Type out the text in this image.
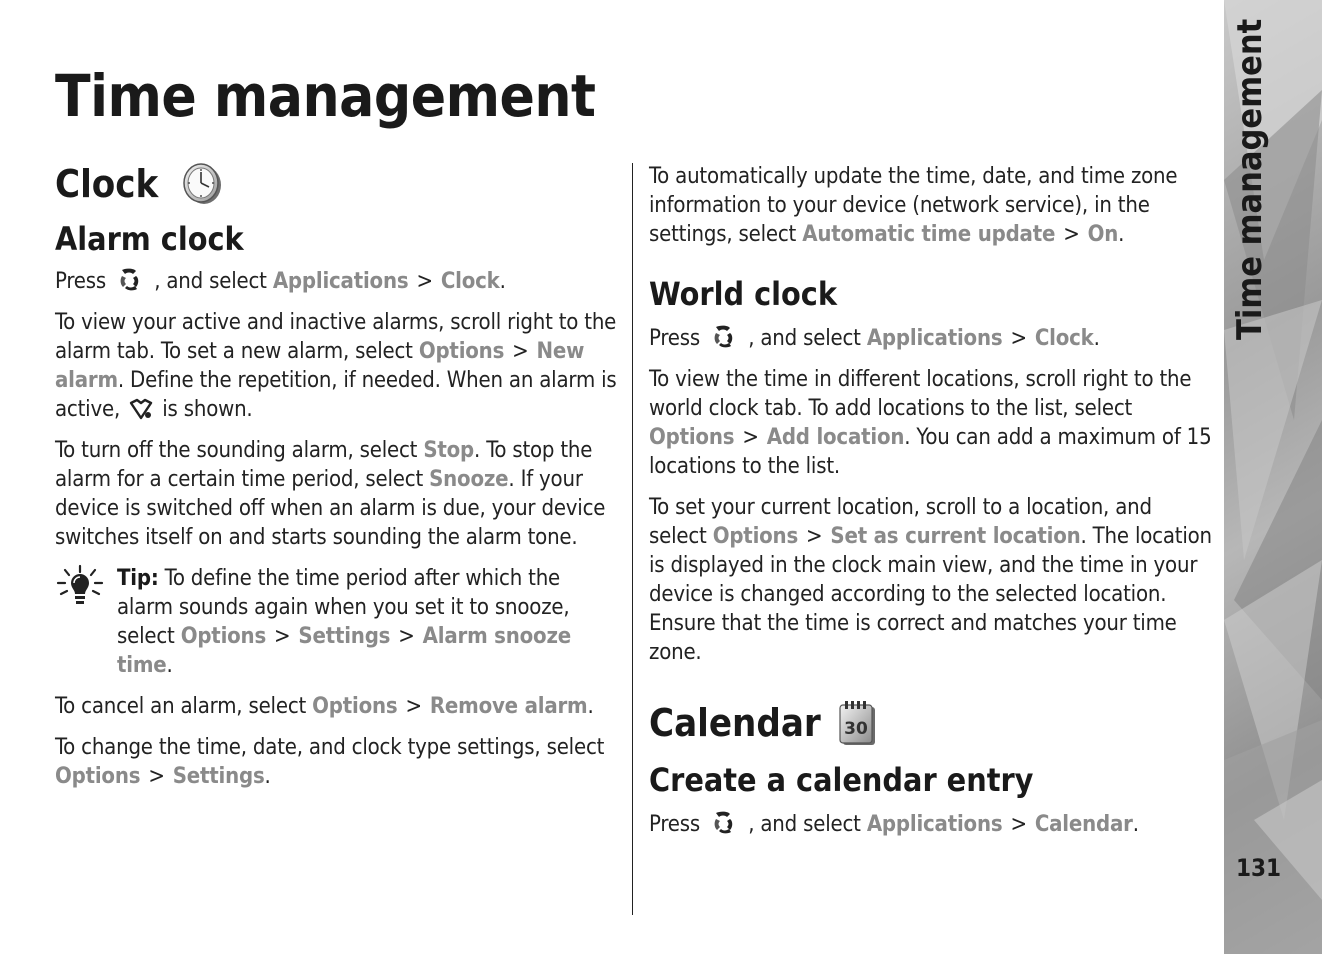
Time management
Clock
Alarm clock

Press , and select Applications > Clock.

To view your active and inactive alarms, scroll right to the alarm tab. To set a new alarm, select Options > New alarm. Define the repetition, if needed. When an alarm is active, is shown.

To turn off the sounding alarm, select Stop. To stop the alarm for a certain time period, select Snooze. If your device is switched off when an alarm is due, your device switches itself on and starts sounding the alarm tone.

Tip: To define the time period after which the alarm sounds again when you set it to snooze, select Options > Settings > Alarm snooze time.

To cancel an alarm, select Options > Remove alarm.

To change the time, date, and clock type settings, select Options > Settings.

To automatically update the time, date, and time zone information to your device (network service), in the settings, select Automatic time update > On.

World clock

Press , and select Applications > Clock.

To view the time in different locations, scroll right to the world clock tab. To add locations to the list, select Options > Add location. You can add a maximum of 15 locations to the list.

To set your current location, scroll to a location, and select Options > Set as current location. The location is displayed in the clock main view, and the time in your device is changed according to the selected location. Ensure that the time is correct and matches your time zone.

Calendar 30
Create a calendar entry

Press , and select Applications > Calendar.

Time management
131
